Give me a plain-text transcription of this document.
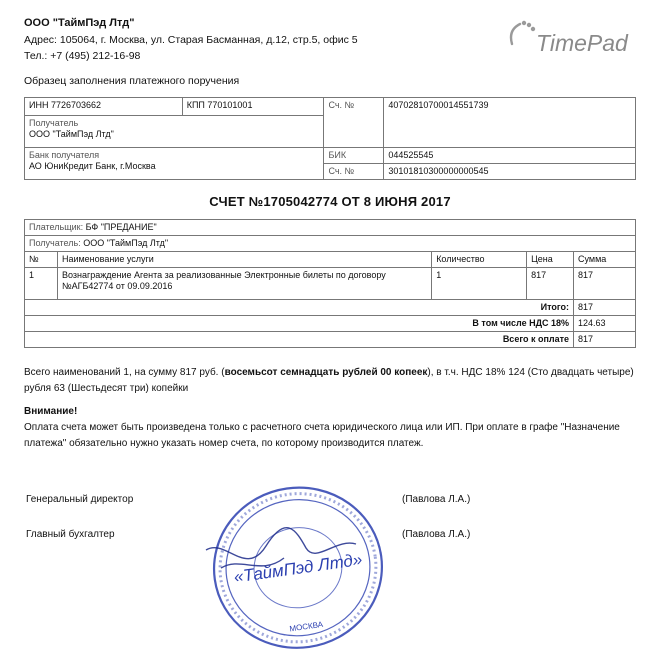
ООО "ТаймПэд Лтд"
Адрес: 105064, г. Москва, ул. Старая Басманная, д.12, стр.5, офис 5
Тел.: +7 (495) 212-16-98	TimePad
Образец заполнения платежного поручения
ИНН 7726703662	КПП 770101001	Сч. №	40702810700014551739

Получатель
ООО "ТаймПэд Лтд"			

Банк получателя
АО ЮниКредит Банк, г.Москва		БИК	044525545
		Сч. №	30101810300000000545
СЧЕТ №1705042774 ОТ 8 ИЮНЯ 2017
Плательщик: БФ "ПРЕДАНИЕ"				
Получатель: ООО "ТаймПэд Лтд"				
№	Наименование услуги	Количество	Цена	Сумма
1	Вознаграждение Агента за реализованные Электронные билеты по договору №АГБ42774 от 09.09.2016	1	817	817
Итого:				817
В том числе НДС 18%				124.63
Всего к оплате				817
Всего наименований 1, на сумму 817 руб. (восемьсот семнадцать рублей 00 копеек), в т.ч. НДС 18% 124 (Сто двадцать четыре) рубля 63 (Шестьдесят три) копейки
Внимание!
Оплата счета может быть произведена только с расчетного счета юридического лица или ИП. При оплате в графе "Назначение платежа" обязательно нужно указать номер счета, по которому производится платеж.
«ТаймПэд Лтд»
МОСКВА
Генеральный директор	(Павлова Л.А.)
Главный бухгалтер	(Павлова Л.А.)
